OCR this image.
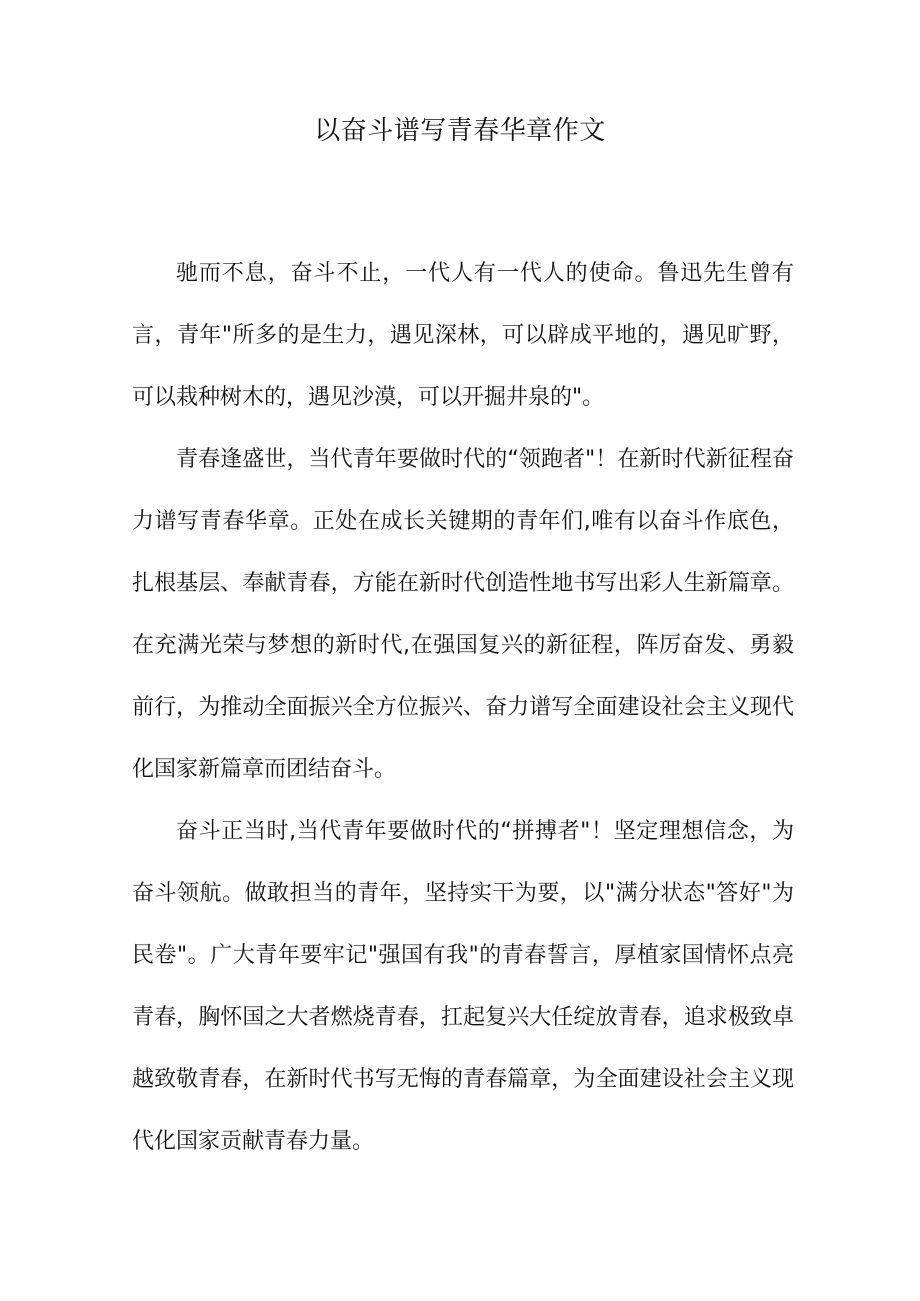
以奋斗谱写青春华章作文

驰而不息，奋斗不止，一代人有一代人的使命。鲁迅先生曾有言，青年"所多的是生力，遇见深林，可以辟成平地的，遇见旷野，可以栽种树木的，遇见沙漠，可以开掘井泉的"。

青春逢盛世，当代青年要做时代的“领跑者"！在新时代新征程奋力谱写青春华章。正处在成长关键期的青年们,唯有以奋斗作底色，扎根基层、奉献青春，方能在新时代创造性地书写出彩人生新篇章。在充满光荣与梦想的新时代,在强国复兴的新征程，阵厉奋发、勇毅前行，为推动全面振兴全方位振兴、奋力谱写全面建设社会主义现代化国家新篇章而团结奋斗。

奋斗正当时,当代青年要做时代的“拼搏者"！坚定理想信念，为奋斗领航。做敢担当的青年，坚持实干为要，以"满分状态"答好"为民卷"。广大青年要牢记"强国有我"的青春誓言，厚植家国情怀点亮青春，胸怀国之大者燃烧青春，扛起复兴大任绽放青春，追求极致卓越致敬青春，在新时代书写无悔的青春篇章，为全面建设社会主义现代化国家贡献青春力量。
